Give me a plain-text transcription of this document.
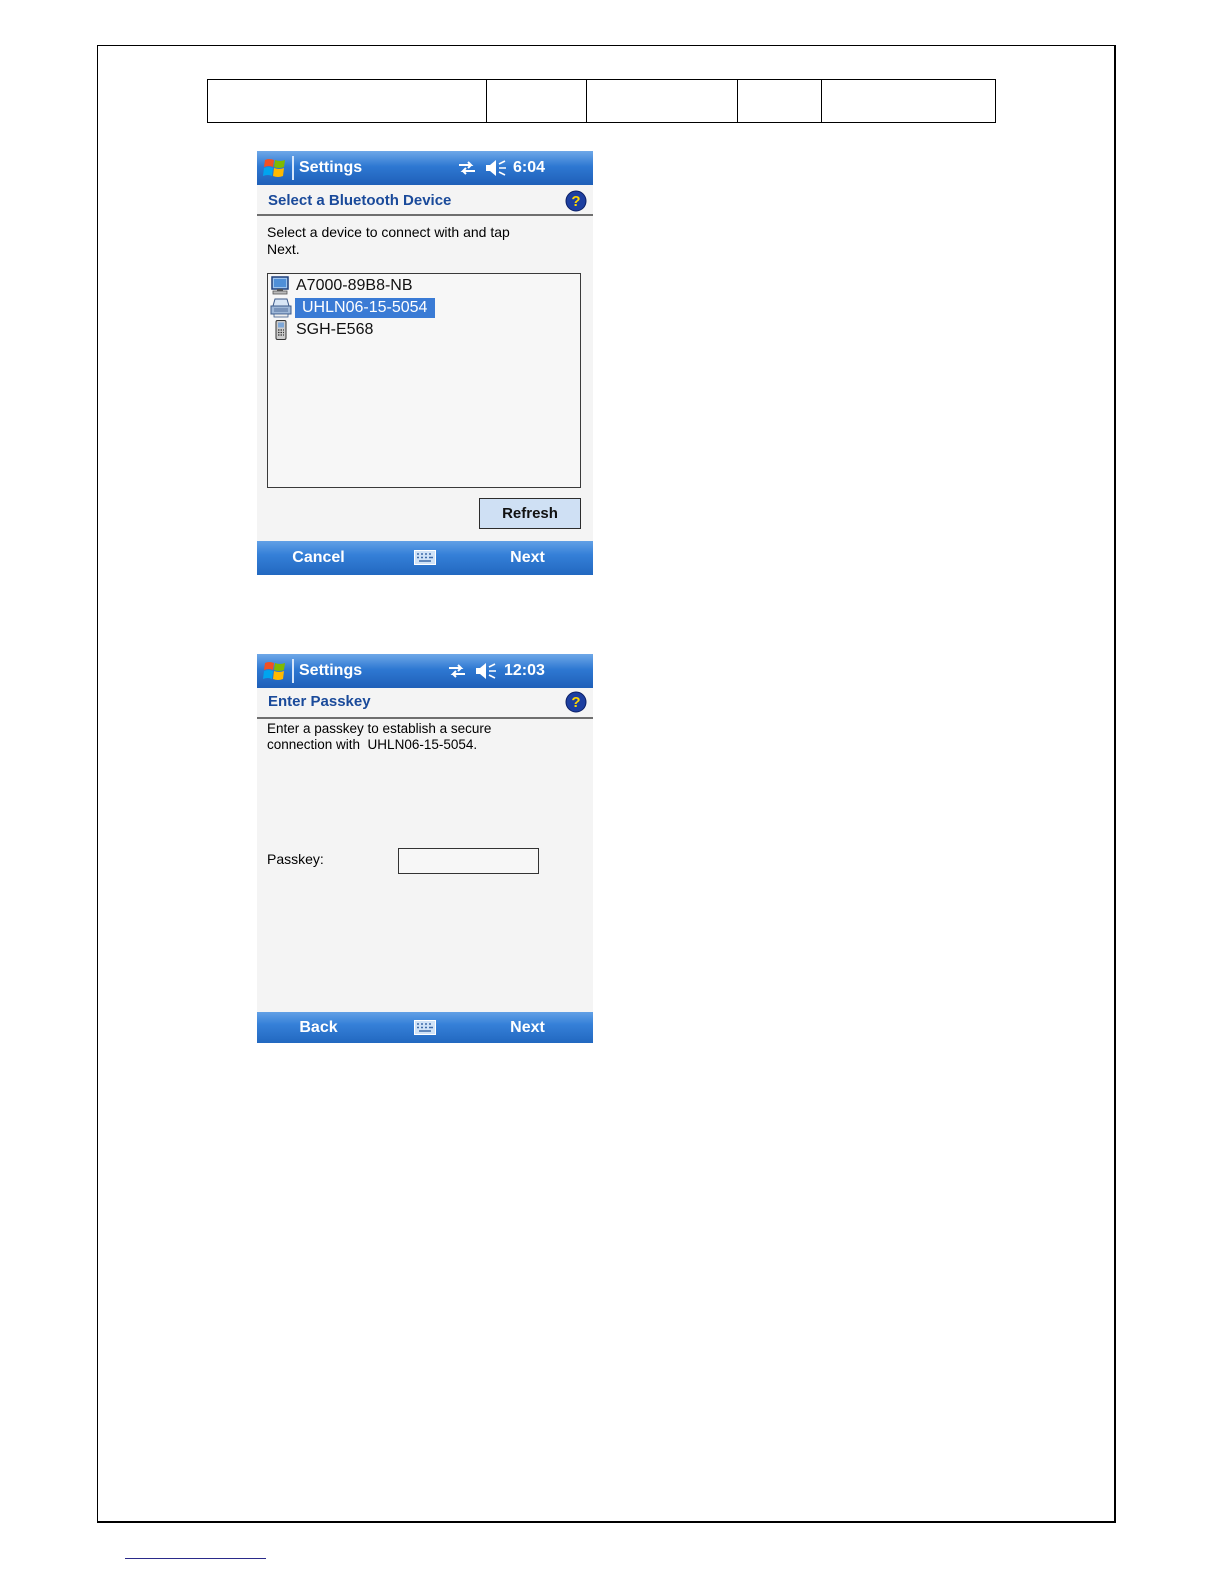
Settings	6:04
Select a Bluetooth Device	?
Select a device to connect with and tap
Next.
A7000-89B8-NB
UHLN06-15-5054
SGH-E568
Refresh
Cancel	Next
Settings	12:03
Enter Passkey	?
Enter a passkey to establish a secure
connection with  UHLN06-15-5054.
Passkey:
Back	Next
